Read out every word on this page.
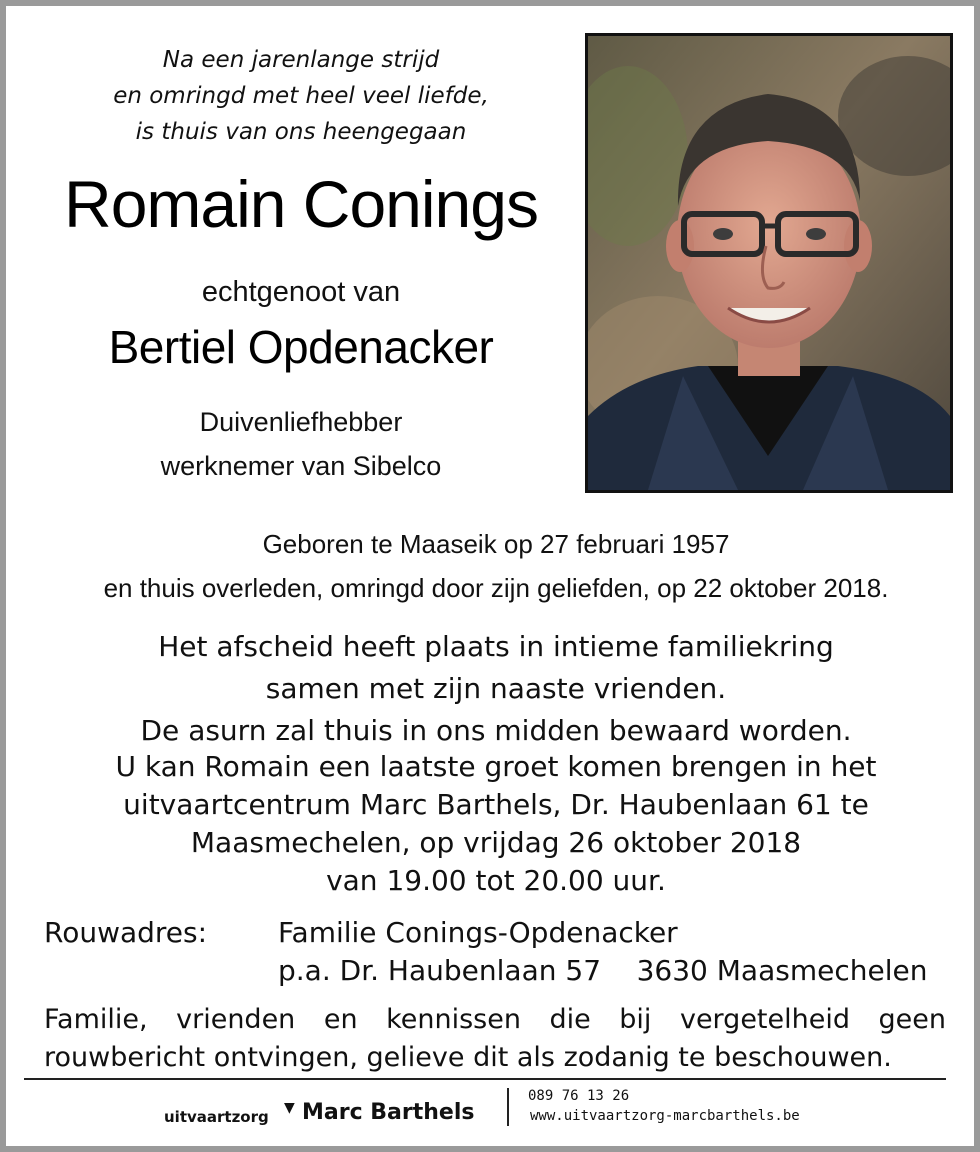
Na een jarenlange strijd
en omringd met heel veel liefde,
is thuis van ons heengegaan
Romain Conings
echtgenoot van
Bertiel Opdenacker
Duivenliefhebber
werknemer van Sibelco
Geboren te Maaseik op 27 februari 1957
en thuis overleden, omringd door zijn geliefden, op 22 oktober 2018.
Het afscheid heeft plaats in intieme familiekring
samen met zijn naaste vrienden.
De asurn zal thuis in ons midden bewaard worden.
U kan Romain een laatste groet komen brengen in het
uitvaartcentrum Marc Barthels, Dr. Haubenlaan 61 te
Maasmechelen, op vrijdag 26 oktober 2018
van 19.00 tot 20.00 uur.
Rouwadres:	Familie Conings-Opdenacker
p.a. Dr. Haubenlaan 57    3630 Maasmechelen
Familie, vrienden en kennissen die bij vergetelheid geen
rouwbericht ontvingen, gelieve dit als zodanig te beschouwen.
uitvaartzorg ▼ Marc Barthels
089 76 13 26
www.uitvaartzorg-marcbarthels.be
